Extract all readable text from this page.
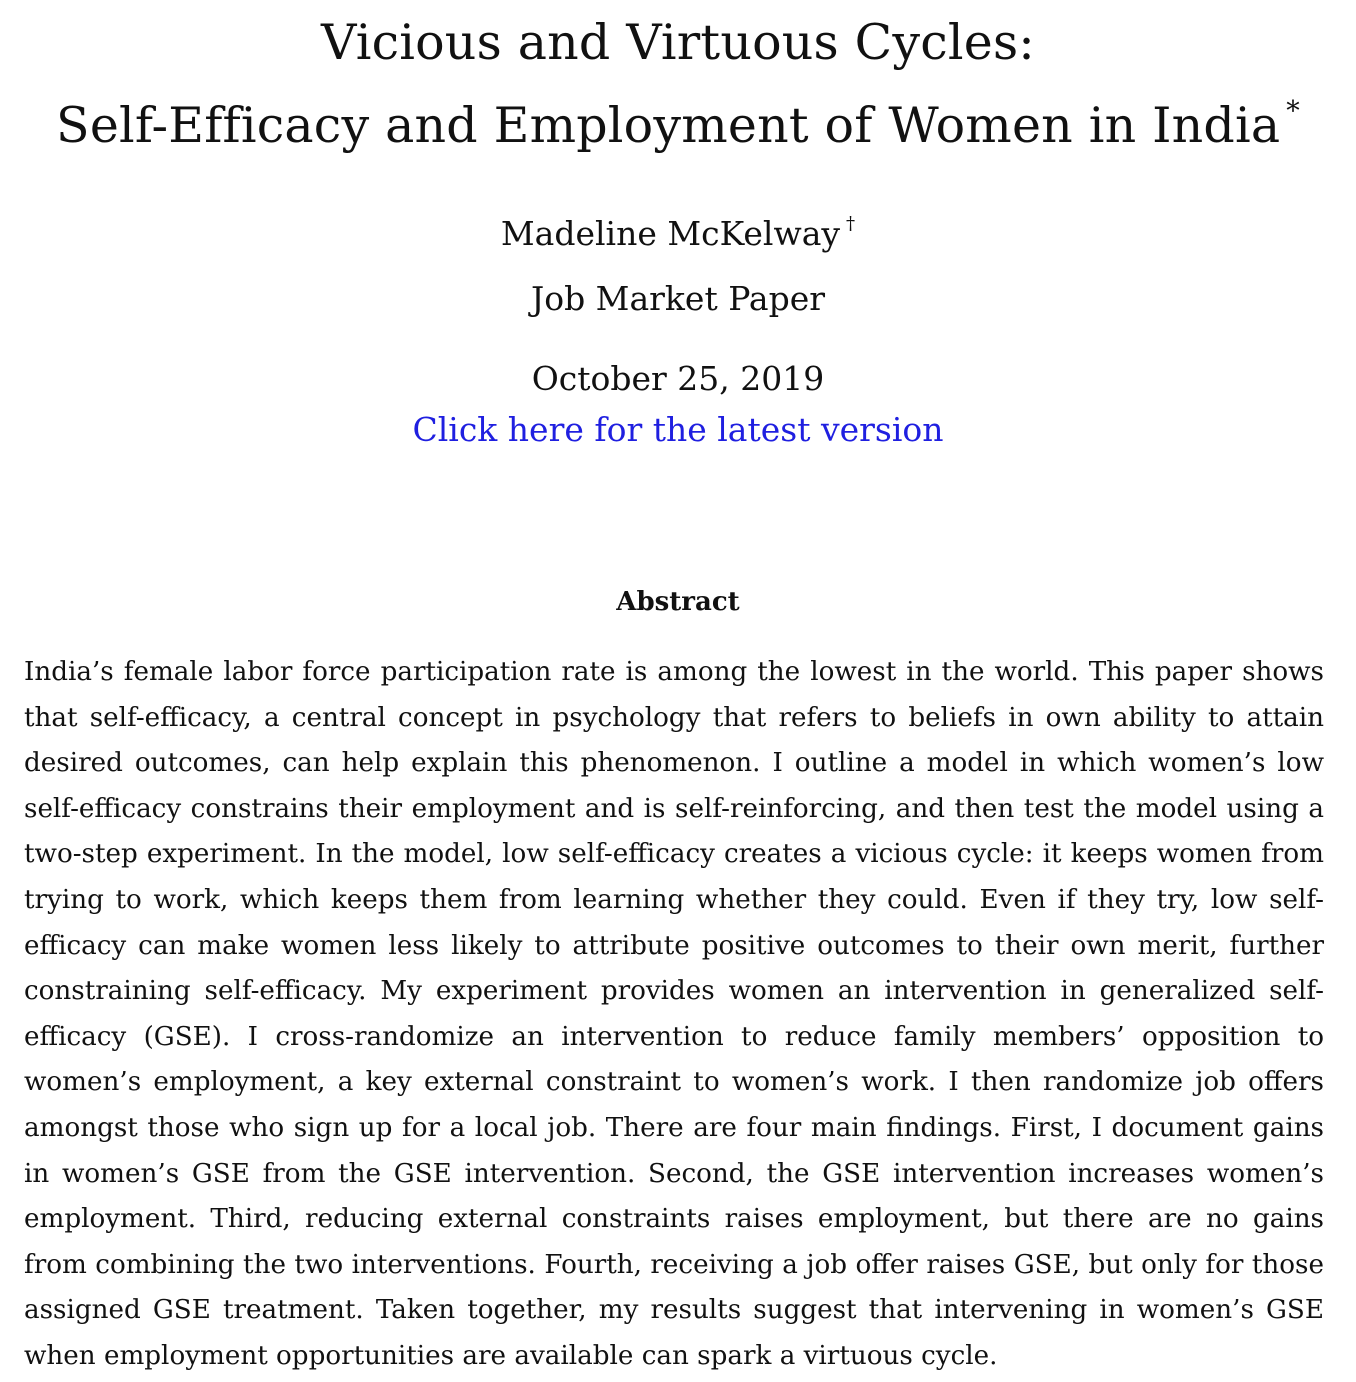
Vicious and Virtuous Cycles:
Self-Efficacy and Employment of Women in India *

Madeline McKelway †

Job Market Paper

October 25, 2019

Click here for the latest version
Abstract

India’s female labor force participation rate is among the lowest in the world. This paper shows that self-efficacy, a central concept in psychology that refers to beliefs in own ability to attain desired outcomes, can help explain this phenomenon. I outline a model in which women’s low self-efficacy constrains their employment and is self-reinforcing, and then test the model using a two-step experiment. In the model, low self-efficacy creates a vicious cycle: it keeps women from trying to work, which keeps them from learning whether they could. Even if they try, low self-efficacy can make women less likely to attribute positive outcomes to their own merit, further constraining self-efficacy. My experiment provides women an intervention in generalized self-efficacy (GSE). I cross-randomize an intervention to reduce family members’ opposition to women’s employment, a key external constraint to women’s work. I then randomize job offers amongst those who sign up for a local job. There are four main findings. First, I document gains in women’s GSE from the GSE intervention. Second, the GSE intervention increases women’s employment. Third, reducing external constraints raises employment, but there are no gains from combining the two interventions. Fourth, receiving a job offer raises GSE, but only for those assigned GSE treatment. Taken together, my results suggest that intervening in women’s GSE when employment opportunities are available can spark a virtuous cycle.
